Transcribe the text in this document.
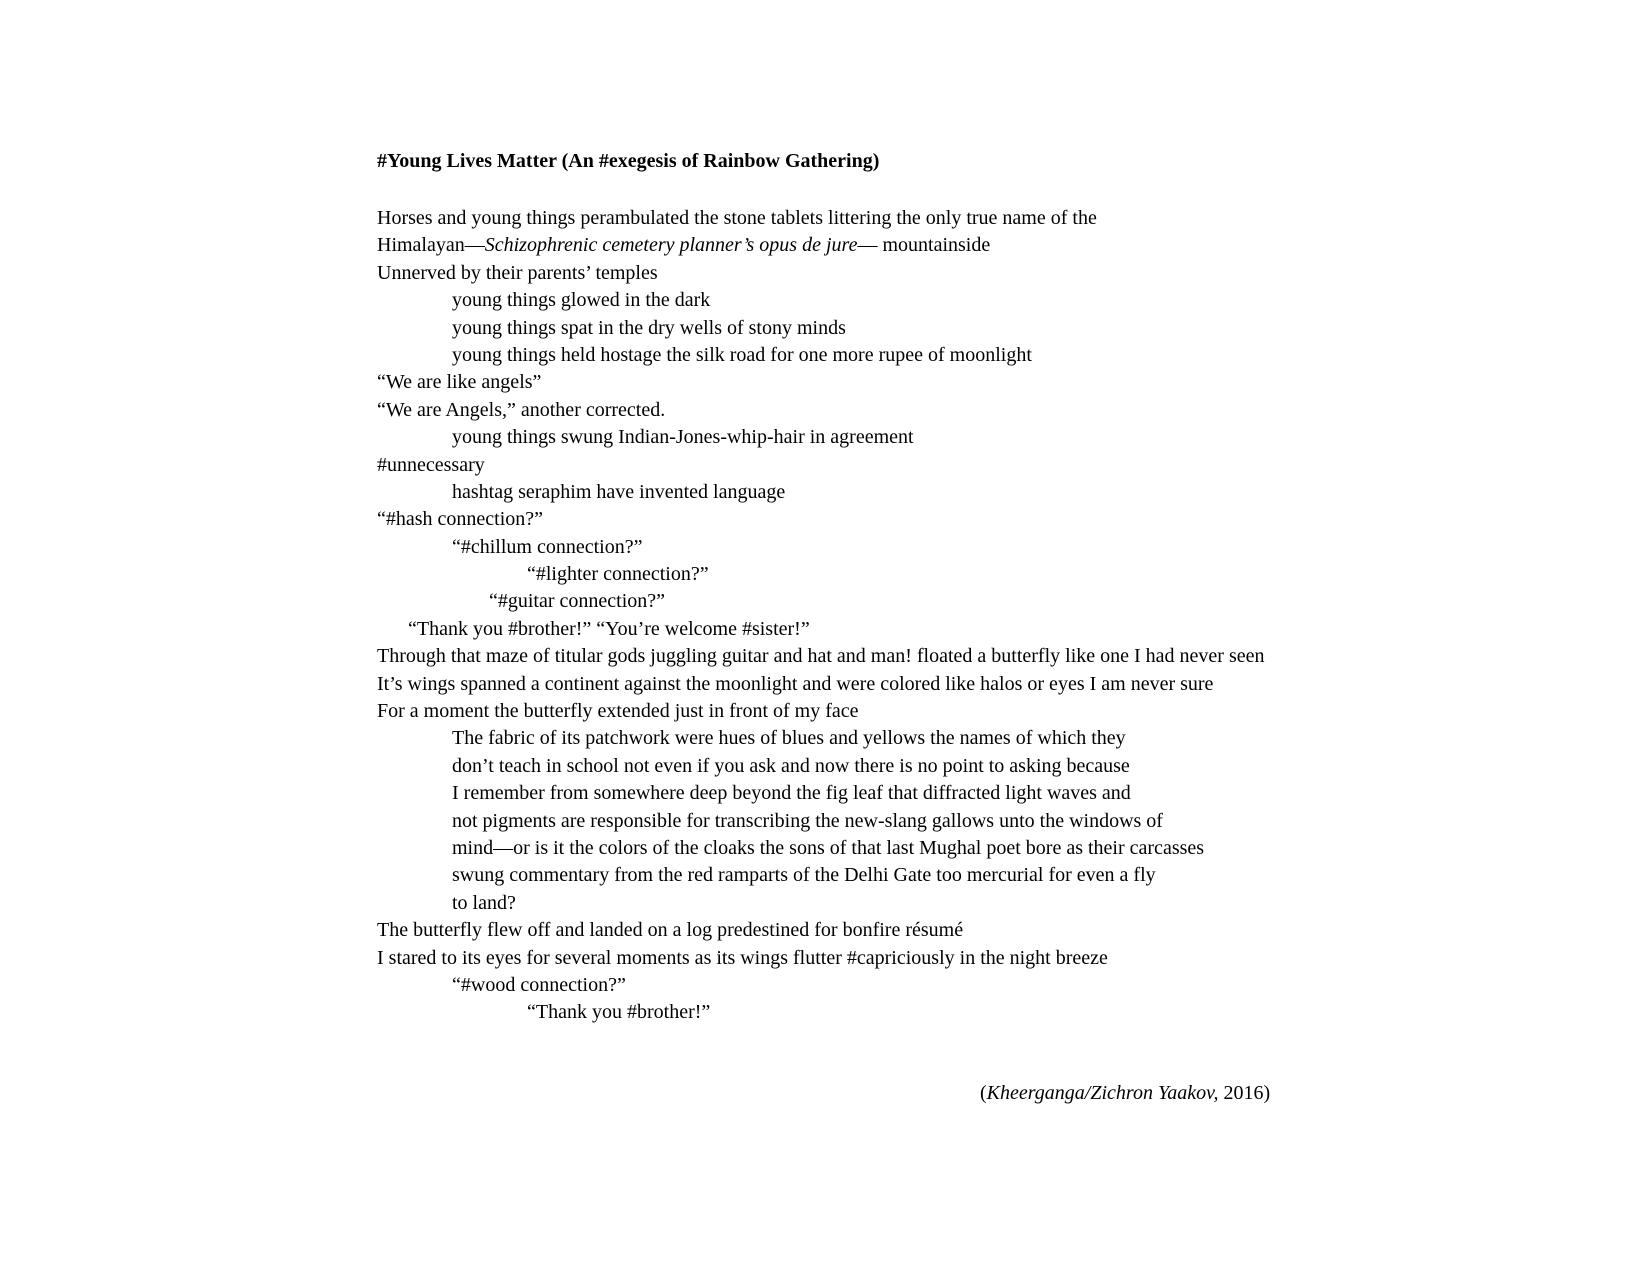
#Young Lives Matter (An #exegesis of Rainbow Gathering)
Horses and young things perambulated the stone tablets littering the only true name of the
Himalayan—Schizophrenic cemetery planner’s opus de jure— mountainside
Unnerved by their parents’ temples
young things glowed in the dark
young things spat in the dry wells of stony minds
young things held hostage the silk road for one more rupee of moonlight
“We are like angels”
“We are Angels,” another corrected.
young things swung Indian-Jones-whip-hair in agreement
#unnecessary
hashtag seraphim have invented language
“#hash connection?”
“#chillum connection?”
“#lighter connection?”
“#guitar connection?”
“Thank you #brother!” “You’re welcome #sister!”
Through that maze of titular gods juggling guitar and hat and man! floated a butterfly like one I had never seen
It’s wings spanned a continent against the moonlight and were colored like halos or eyes I am never sure
For a moment the butterfly extended just in front of my face
The fabric of its patchwork were hues of blues and yellows the names of which they
don’t teach in school not even if you ask and now there is no point to asking because
I remember from somewhere deep beyond the fig leaf that diffracted light waves and
not pigments are responsible for transcribing the new-slang gallows unto the windows of
mind—or is it the colors of the cloaks the sons of that last Mughal poet bore as their carcasses
swung commentary from the red ramparts of the Delhi Gate too mercurial for even a fly
to land?
The butterfly flew off and landed on a log predestined for bonfire résumé
I stared to its eyes for several moments as its wings flutter #capriciously in the night breeze
“#wood connection?”
“Thank you #brother!”
(Kheerganga/Zichron Yaakov, 2016)
